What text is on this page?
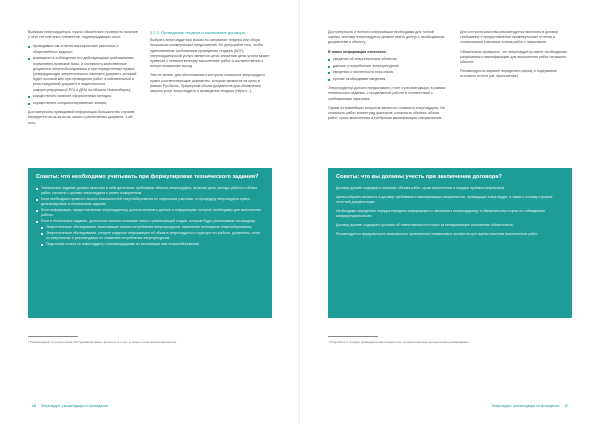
Выбирая энергоаудитора, нужно обязательно проверить наличие у него тех или иных элементов, подтверждающих опыт:

проводимых им отчетов мероприятиях рыночных и общественных задачах;
возможность соблюдение его действующими требованиями нормативно-правовой базы, и составлять качественные документы энергообследования и при определенных правил (утверждающую энергетического паспорта документ, который будет основой мер при проведения работ, а обязательный и регистрируемый документ в национальных саморегулируемых(СРО) и ДЕМ на области Новосибирск);
осуществлять наличие оформленных методик;
осуществлять специализированные знания;

Достоверность приводимой информации большинство случаев базируется на из-за из-за, каких и расчитанных документ, 1-ий есть.

3.2.2. Проведение тендера и заключение договора

Выбрать энергоаудитора можно по основании тендера или сбора нескольких коммерческих предложений. Не допускайте того, чтобы единственным требованием проведения тендера (КОП) энергоаудиторской услуги является цена: снижения цены услуги может привести к некачественному выполнению работ и соответственно к потере возможных выгод.

Тем не менее, для обоснования и контроля стоимости энергоаудита нужно соответствующие документы, которые являются на цены в рамках РусЭкспо. Примерный объем документов для объявления закупки услуг энергоаудита и проведения тендера (https://...).

Советы: что необходимо учитывать при формулировке технического задания?
Техническое задание должно включать в себя детальное требование объекта энергоаудита, включая цели, методы работы и объем работ, согласно с целями энергоаудита и ранее оговоренным.
Если необходимо провести анализ возможностей энергосбережения по отдельным участкам, то процедуру энергоаудита нужно детализировать в техническом задании.
Если информация, предоставленная энергоаудитору, должна включать данные и информацию, которые необходимы для выполнения работы.
Если в техническое задание, достаточно описать основные этапы с реализующей стадии, которые будут реализованы по каждому:
Энергетическое обследование, включающее анализ потребления энергоресурсов, выявление потенциала энергосбережения;
Энергетическое обследование, которое содержит информацию об объекте энергоаудита и структуре его работы, документы, отчет по результатам и рекомендации по снижению потребления энергоресурсов;
Подготовка отчета по энергоаудиту с рекомендациями по реализации мер энергосбережения.
¹ Рекомендации по результатам обследования можно включить в отчет, а также в план энергосбережения.
16 Энергоаудит: рекомендации по проведению

Достоверность и полнота информации необходима для точной оценки, поэтому энергоаудитор должен иметь доступ к необходимым документам и объекту.

В плане информации относятся:
сведения об энергетических объектах;
данные о потреблении энергоресурсов;
сведения о численности персонала;
прочие необходимые сведения.

Энергоаудитор должен предоставить отчет и рекомендации, в рамках технического задания, о проделанной работе в соответствии с требованиями заказчика.

Одним из важнейших вопросов является стоимость энергоаудита. На стоимость работ влияет ряд факторов: сложность объекта, объем работ, сроки выполнения и требуемая квалификация специалистов.

Для контроля качества рекомендуется включить в договор требование о предоставлении промежуточных отчетов и согласовании ключевых этапов работ с заказчиком.

Обязательно проверьте, что энергоаудитор имеет необходимые разрешения и квалификацию для выполнения работ на вашем объекте.

Рекомендуется заранее определить форму и содержание итогового отчета (см. приложение).

Советы: что вы должны учесть при заключении договора?

Договор должен содержать описание объема работ, сроки выполнения и порядок приемки результатов.

Целесообразно включить в договор требования к квалификации специалистов, проводящих энергоаудит, а также к составу и форме отчетной документации.

Необходимо определить порядок передачи информации от заказчика к энергоаудитору и обязательства сторон по соблюдению конфиденциальности.

Договор должен содержать условия об ответственности сторон за ненадлежащее исполнение обязательств.

Рекомендуется предусмотреть возможность привлечения независимых экспертов для оценки качества выполненных работ.

¹ Подробнее о порядке проведения энергоаудита см. соответствующие методические рекомендации.
Энергоаудит: рекомендации по проведению 17
